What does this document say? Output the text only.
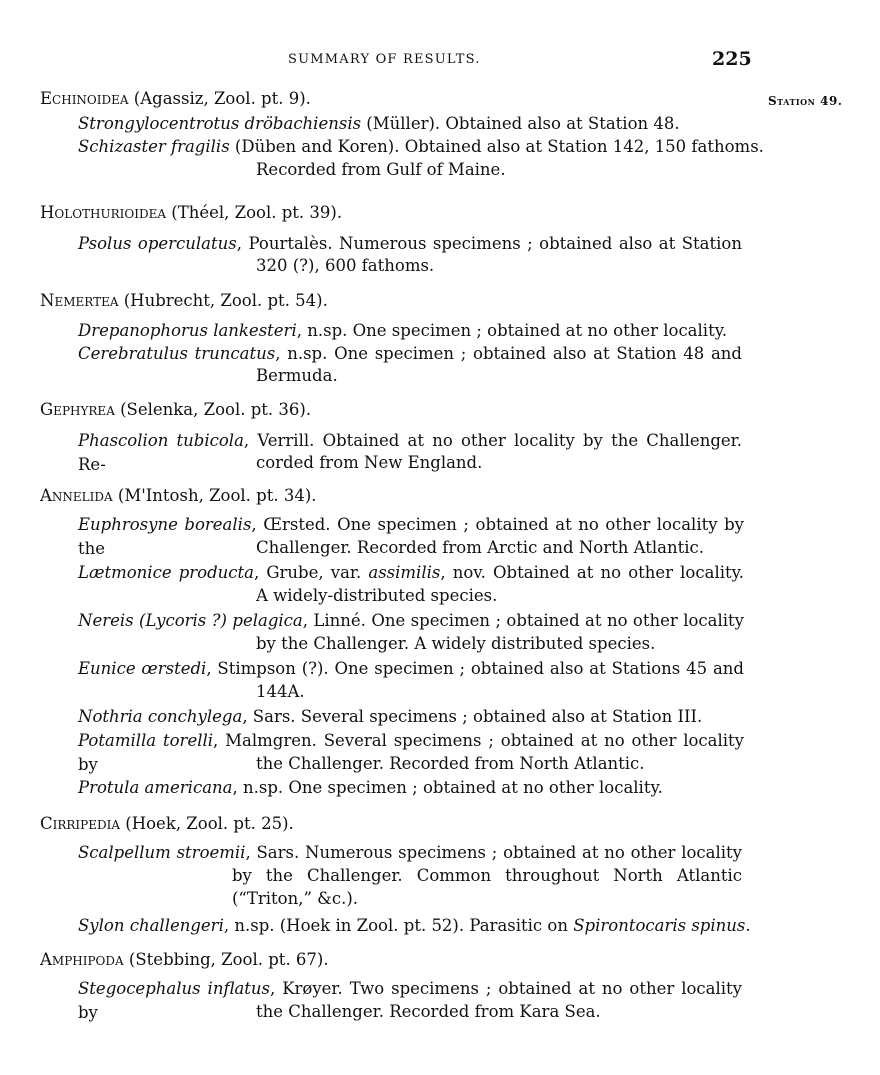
SUMMARY OF RESULTS.	225
Station 49.
Echinoidea (Agassiz, Zool. pt. 9).
Strongylocentrotus dröbachiensis (Müller). Obtained also at Station 48.
Schizaster fragilis (Düben and Koren). Obtained also at Station 142, 150 fathoms.
Recorded from Gulf of Maine.
Holothurioidea (Théel, Zool. pt. 39).
Psolus operculatus, Pourtalès. Numerous specimens ; obtained also at Station
320 (?), 600 fathoms.
Nemertea (Hubrecht, Zool. pt. 54).
Drepanophorus lankesteri, n.sp. One specimen ; obtained at no other locality.
Cerebratulus truncatus, n.sp. One specimen ; obtained also at Station 48 and
Bermuda.
Gephyrea (Selenka, Zool. pt. 36).
Phascolion tubicola, Verrill. Obtained at no other locality by the Challenger. Re-	corded from New England.
Annelida (M'Intosh, Zool. pt. 34).
Euphrosyne borealis, Œrsted. One specimen ; obtained at no other locality by the	Challenger. Recorded from Arctic and North Atlantic.
Lætmonice producta, Grube, var. assimilis, nov. Obtained at no other locality.
A widely-distributed species.
Nereis (Lycoris ?) pelagica, Linné. One specimen ; obtained at no other locality
by the Challenger. A widely distributed species.
Eunice œrstedi, Stimpson (?). One specimen ; obtained also at Stations 45 and
144A.
Nothria conchylega, Sars. Several specimens ; obtained also at Station III.
Potamilla torelli, Malmgren. Several specimens ; obtained at no other locality by	the Challenger. Recorded from North Atlantic.
Protula americana, n.sp. One specimen ; obtained at no other locality.
Cirripedia (Hoek, Zool. pt. 25).
Scalpellum stroemii, Sars. Numerous specimens ; obtained at no other locality
by the Challenger. Common throughout North Atlantic
(“Triton,” &c.).
Sylon challengeri, n.sp. (Hoek in Zool. pt. 52). Parasitic on Spirontocaris spinus.
Amphipoda (Stebbing, Zool. pt. 67).
Stegocephalus inflatus, Krøyer. Two specimens ; obtained at no other locality by	the Challenger. Recorded from Kara Sea.
